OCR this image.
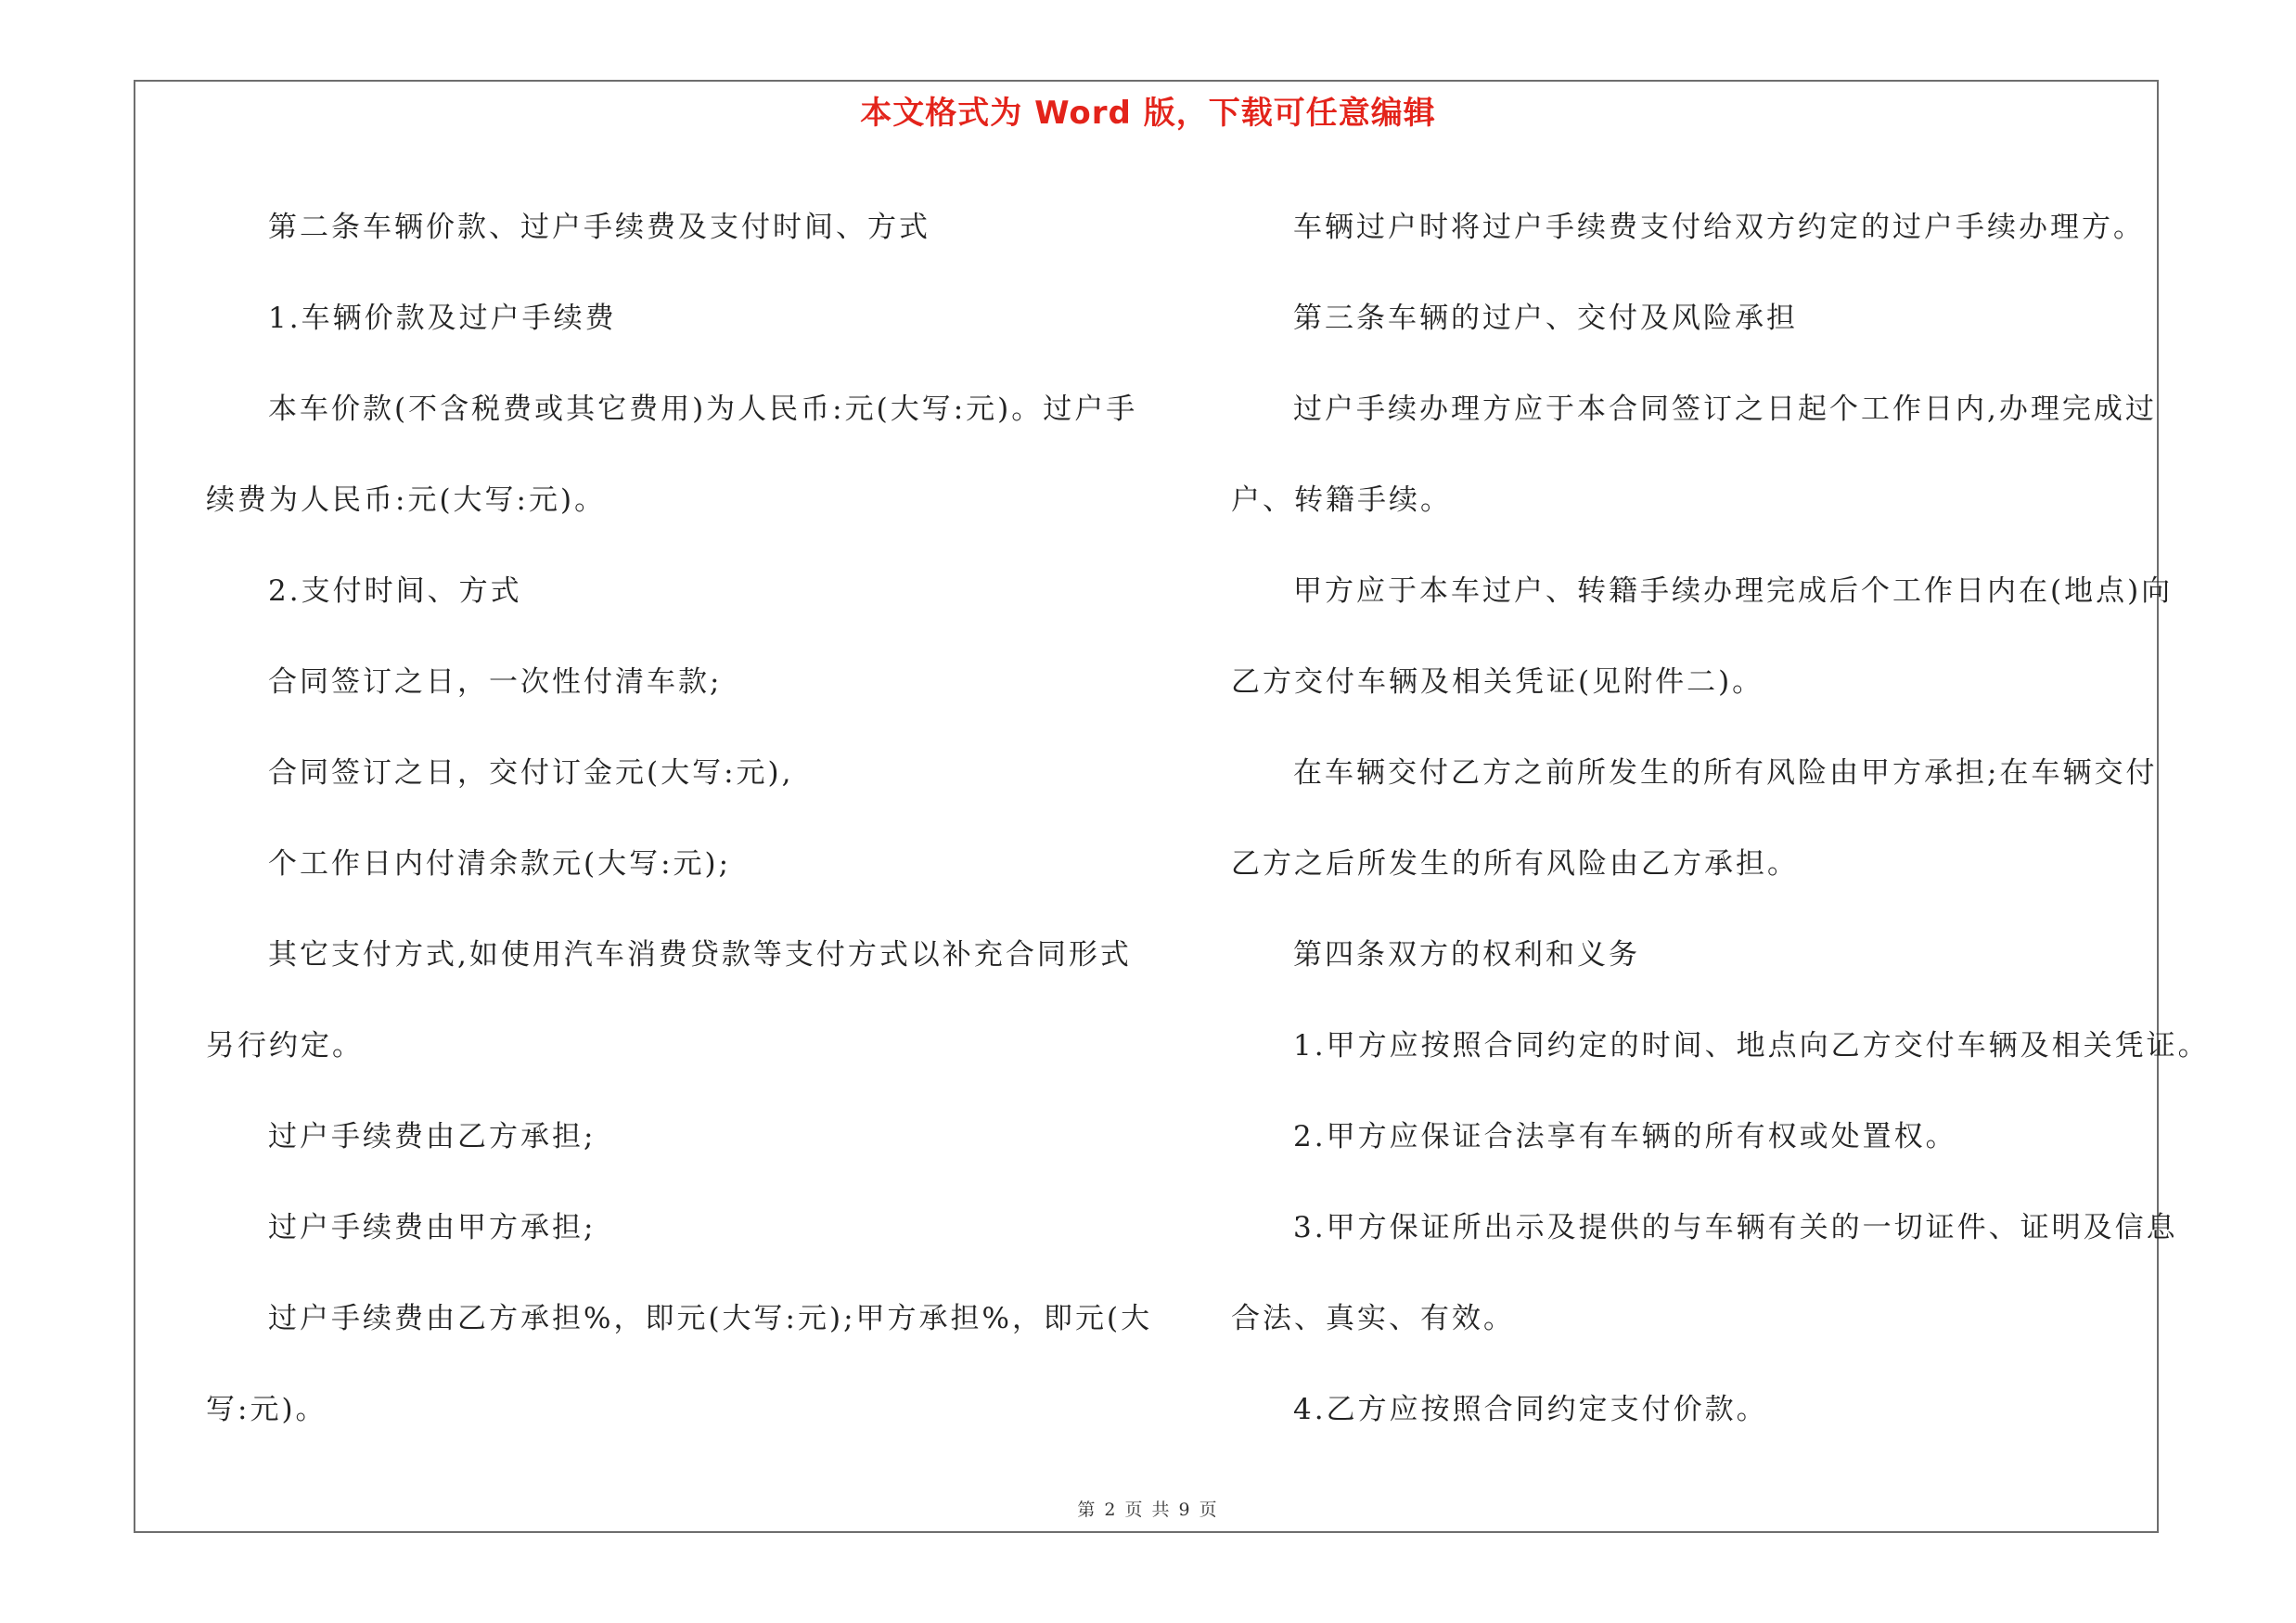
本文格式为 Word 版，下载可任意编辑

第二条车辆价款、过户手续费及支付时间、方式

1.车辆价款及过户手续费

本车价款(不含税费或其它费用)为人民币:元(大写:元)。过户手

续费为人民币:元(大写:元)。

2.支付时间、方式

合同签订之日，一次性付清车款;

合同签订之日，交付订金元(大写:元),

个工作日内付清余款元(大写:元);

其它支付方式,如使用汽车消费贷款等支付方式以补充合同形式

另行约定。

过户手续费由乙方承担;

过户手续费由甲方承担;

过户手续费由乙方承担%，即元(大写:元);甲方承担%，即元(大

写:元)。

车辆过户时将过户手续费支付给双方约定的过户手续办理方。

第三条车辆的过户、交付及风险承担

过户手续办理方应于本合同签订之日起个工作日内,办理完成过

户、转籍手续。

甲方应于本车过户、转籍手续办理完成后个工作日内在(地点)向

乙方交付车辆及相关凭证(见附件二)。

在车辆交付乙方之前所发生的所有风险由甲方承担;在车辆交付

乙方之后所发生的所有风险由乙方承担。

第四条双方的权利和义务

1.甲方应按照合同约定的时间、地点向乙方交付车辆及相关凭证。

2.甲方应保证合法享有车辆的所有权或处置权。

3.甲方保证所出示及提供的与车辆有关的一切证件、证明及信息

合法、真实、有效。

4.乙方应按照合同约定支付价款。

第 2 页 共 9 页
